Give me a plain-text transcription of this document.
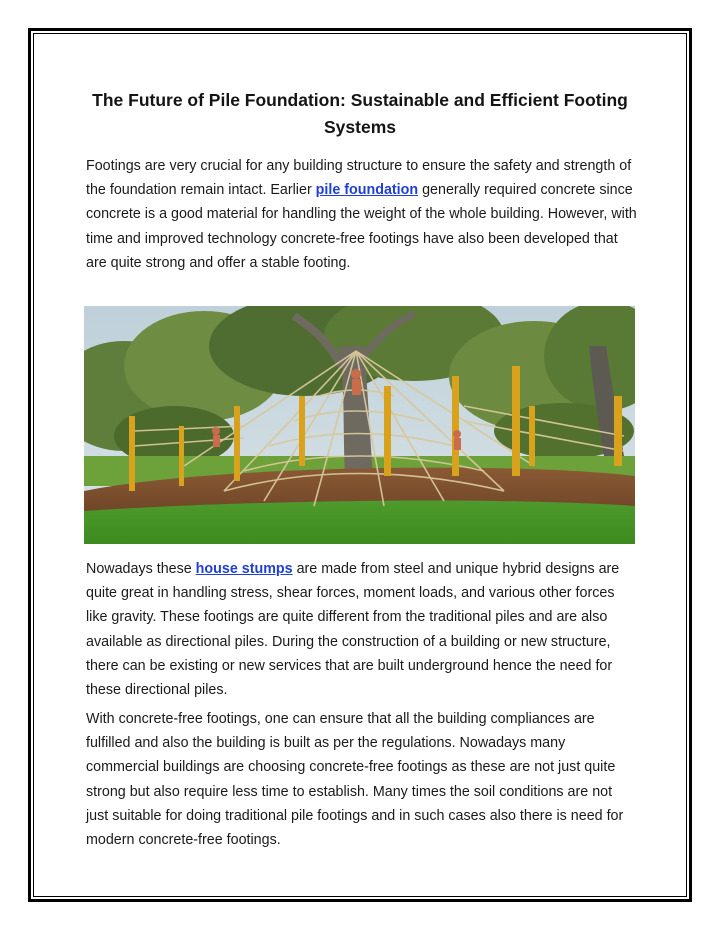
The Future of Pile Foundation: Sustainable and Efficient Footing Systems

Footings are very crucial for any building structure to ensure the safety and strength of the foundation remain intact. Earlier pile foundation generally required concrete since concrete is a good material for handling the weight of the whole building. However, with time and improved technology concrete-free footings have also been developed that are quite strong and offer a stable footing.

Nowadays these house stumps are made from steel and unique hybrid designs are quite great in handling stress, shear forces, moment loads, and various other forces like gravity. These footings are quite different from the traditional piles and are also available as directional piles. During the construction of a building or new structure, there can be existing or new services that are built underground hence the need for these directional piles.

With concrete-free footings, one can ensure that all the building compliances are fulfilled and also the building is built as per the regulations. Nowadays many commercial buildings are choosing concrete-free footings as these are not just quite strong but also require less time to establish. Many times the soil conditions are not just suitable for doing traditional pile footings and in such cases also there is need for modern concrete-free footings.
